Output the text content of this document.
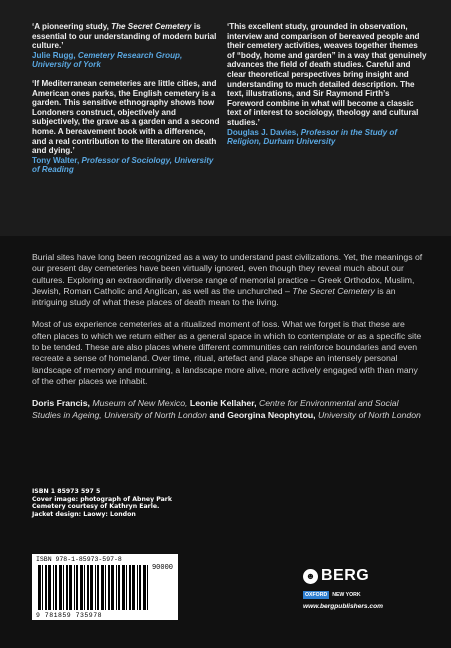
‘A pioneering study, The Secret Cemetery is essential to our understanding of modern burial culture.’
Julie Rugg, Cemetery Research Group, University of York

‘If Mediterranean cemeteries are little cities, and American ones parks, the English cemetery is a garden. This sensitive ethnography shows how Londoners construct, objectively and subjectively, the grave as a garden and a second home. A bereavement book with a difference, and a real contribution to the literature on death and dying.’
Tony Walter, Professor of Sociology, University of Reading

‘This excellent study, grounded in observation, interview and comparison of bereaved people and their cemetery activities, weaves together themes of “body, home and garden” in a way that genuinely advances the field of death studies. Careful and clear theoretical perspectives bring insight and understanding to much detailed description. The text, illustrations, and Sir Raymond Firth’s Foreword combine in what will become a classic text of interest to sociology, theology and cultural studies.’
Douglas J. Davies, Professor in the Study of Religion, Durham University

Burial sites have long been recognized as a way to understand past civilizations. Yet, the meanings of our present day cemeteries have been virtually ignored, even though they reveal much about our cultures. Exploring an extraordinarily diverse range of memorial practice – Greek Orthodox, Muslim, Jewish, Roman Catholic and Anglican, as well as the unchurched – The Secret Cemetery is an intriguing study of what these places of death mean to the living.

Most of us experience cemeteries at a ritualized moment of loss. What we forget is that these are often places to which we return either as a general space in which to contemplate or as a specific site to be tended. These are also places where different communities can reinforce boundaries and even recreate a sense of homeland. Over time, ritual, artefact and place shape an intensely personal landscape of memory and mourning, a landscape more alive, more actively engaged with than many of the other places we inhabit.

Doris Francis, Museum of New Mexico, Leonie Kellaher, Centre for Environmental and Social Studies in Ageing, University of North London and Georgina Neophytou, University of North London
ISBN 1 85973 597 5
Cover image: photograph of Abney Park
Cemetery courtesy of Kathryn Earle.
Jacket design: Laowy: London
ISBN 978-1-85973-597-8
90000
9 781859 735978
☻ BERG
OXFORD NEW YORK
www.bergpublishers.com
